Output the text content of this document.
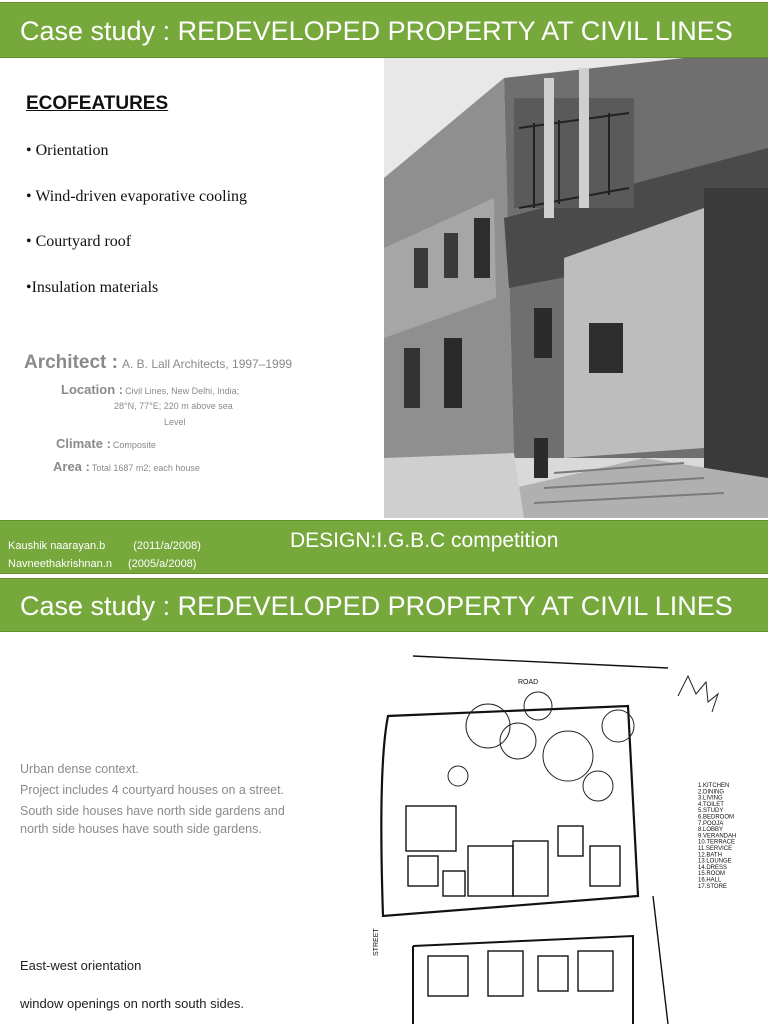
Case study : REDEVELOPED PROPERTY AT CIVIL LINES
ECOFEATURES
• Orientation
• Wind-driven evaporative cooling
• Courtyard roof
•Insulation materials
Architect : A. B. Lall Architects, 1997–1999
Location : Civil Lines, New Delhi, India;
28°N, 77°E; 220 m above sea
Level
Climate : Composite
Area : Total 1687 m2; each house
Kaushik naarayan.b	(2011/a/2008)
Navneethakrishnan.n (2005/a/2008)
DESIGN:I.G.B.C competition
Case study : REDEVELOPED PROPERTY AT CIVIL LINES

Urban dense context.

Project includes 4 courtyard houses on a street.

South side houses have north side gardens and north side houses have south side gardens.

East-west orientation
window openings on north south sides.
ROAD
STREET
1.KITCHEN
2.DINING
3.LIVING
4.TOILET
5.STUDY
6.BEDROOM
7.POOJA
8.LOBBY
9.VERANDAH
10.TERRACE
11.SERVICE
12.BATH
13.LOUNGE
14.DRESS
15.ROOM
16.HALL
17.STORE
